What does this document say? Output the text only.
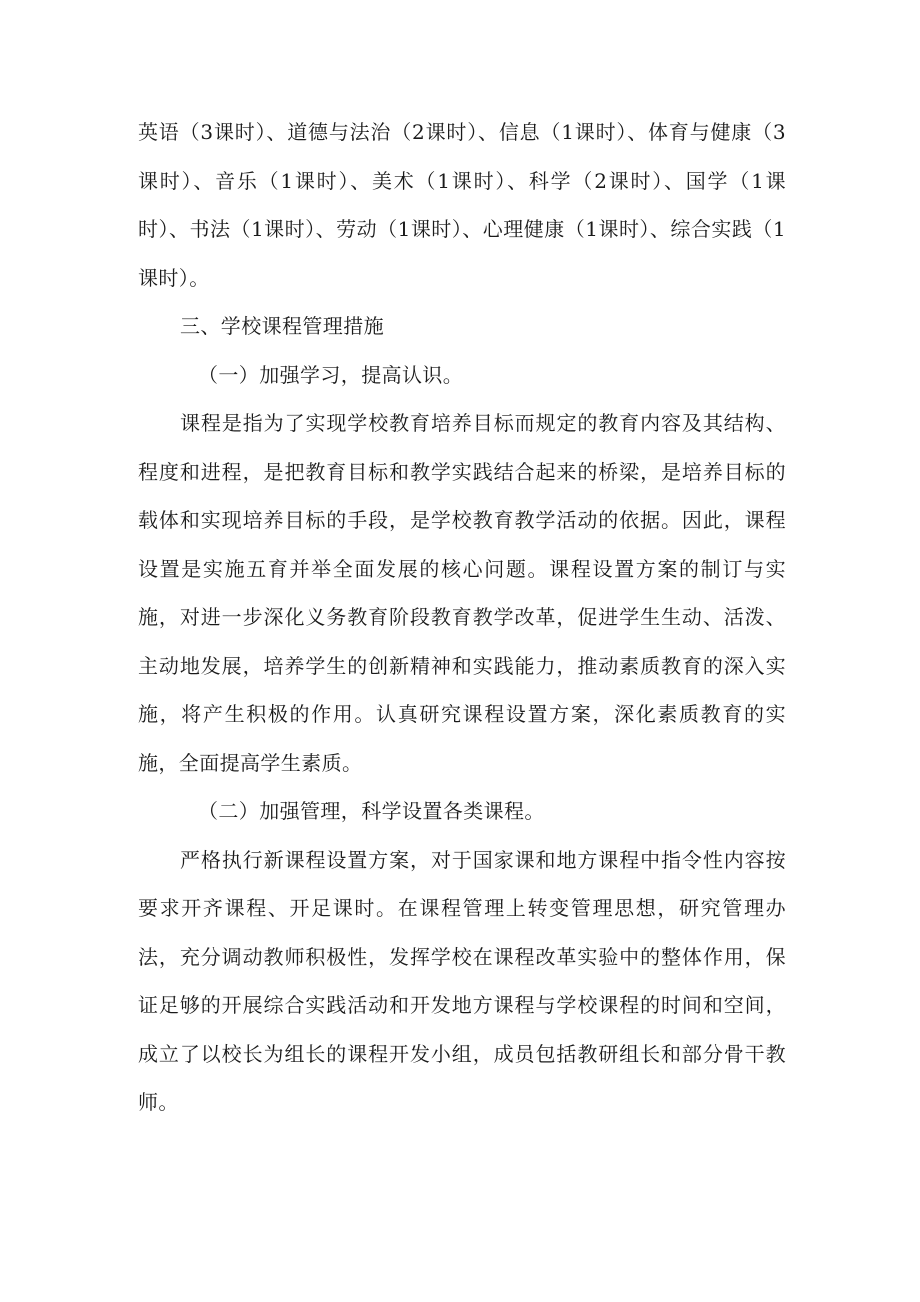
英语（3课时）、道德与法治（2课时）、信息（1课时）、体育与健康（3课时）、音乐（1课时）、美术（1课时）、科学（2课时）、国学（1课时）、书法（1课时）、劳动（1课时）、心理健康（1课时）、综合实践（1课时）。

三、学校课程管理措施

（一）加强学习，提高认识。

课程是指为了实现学校教育培养目标而规定的教育内容及其结构、程度和进程，是把教育目标和教学实践结合起来的桥梁，是培养目标的载体和实现培养目标的手段，是学校教育教学活动的依据。因此，课程设置是实施五育并举全面发展的核心问题。课程设置方案的制订与实施，对进一步深化义务教育阶段教育教学改革，促进学生生动、活泼、主动地发展，培养学生的创新精神和实践能力，推动素质教育的深入实施，将产生积极的作用。认真研究课程设置方案，深化素质教育的实施，全面提高学生素质。

（二）加强管理，科学设置各类课程。

严格执行新课程设置方案，对于国家课和地方课程中指令性内容按要求开齐课程、开足课时。在课程管理上转变管理思想，研究管理办法，充分调动教师积极性，发挥学校在课程改革实验中的整体作用，保证足够的开展综合实践活动和开发地方课程与学校课程的时间和空间，成立了以校长为组长的课程开发小组，成员包括教研组长和部分骨干教师。
